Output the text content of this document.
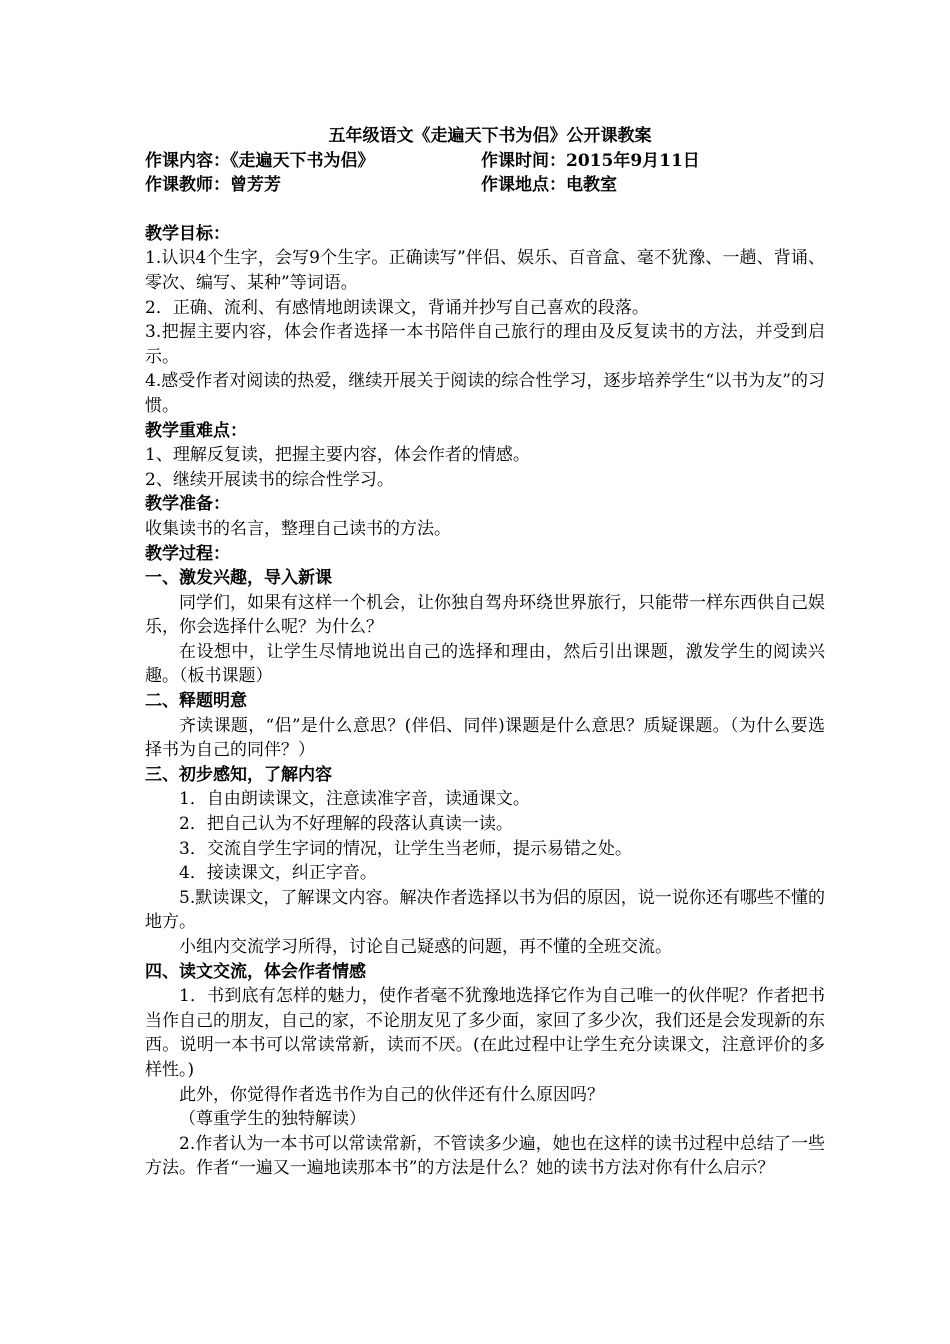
五年级语文《走遍天下书为侣》公开课教案
作课内容：《走遍天下书为侣》	作课时间：2015年9月11日
作课教师：曾芳芳	作课地点：电教室
教学目标：

1.认识4个生字，会写9个生字。正确读写”伴侣、娱乐、百音盒、毫不犹豫、一趟、背诵、零次、编写、某种”等词语。

2．正确、流利、有感情地朗读课文，背诵并抄写自己喜欢的段落。

3.把握主要内容，体会作者选择一本书陪伴自己旅行的理由及反复读书的方法，并受到启示。

4.感受作者对阅读的热爱，继续开展关于阅读的综合性学习，逐步培养学生“以书为友”的习惯。

教学重难点：

1、理解反复读，把握主要内容，体会作者的情感。

2、继续开展读书的综合性学习。

教学准备：

收集读书的名言，整理自己读书的方法。

教学过程：
一、激发兴趣，导入新课

同学们，如果有这样一个机会，让你独自驾舟环绕世界旅行，只能带一样东西供自己娱乐，你会选择什么呢？为什么？

在设想中，让学生尽情地说出自己的选择和理由，然后引出课题，激发学生的阅读兴趣。（板书课题）

二、释题明意

齐读课题，“侣”是什么意思？(伴侣、同伴)课题是什么意思？质疑课题。（为什么要选择书为自己的同伴？）

三、初步感知，了解内容

1．自由朗读课文，注意读准字音，读通课文。

2．把自己认为不好理解的段落认真读一读。

3．交流自学生字词的情况，让学生当老师，提示易错之处。

4．接读课文，纠正字音。

5.默读课文，了解课文内容。解决作者选择以书为侣的原因，说一说你还有哪些不懂的地方。

小组内交流学习所得，讨论自己疑惑的问题，再不懂的全班交流。

四、读文交流，体会作者情感

1．书到底有怎样的魅力，使作者毫不犹豫地选择它作为自己唯一的伙伴呢？作者把书当作自己的朋友，自己的家，不论朋友见了多少面，家回了多少次，我们还是会发现新的东西。说明一本书可以常读常新，读而不厌。(在此过程中让学生充分读课文，注意评价的多样性。)

此外，你觉得作者选书作为自己的伙伴还有什么原因吗？

（尊重学生的独特解读）

2.作者认为一本书可以常读常新，不管读多少遍，她也在这样的读书过程中总结了一些方法。作者“一遍又一遍地读那本书”的方法是什么？她的读书方法对你有什么启示？
